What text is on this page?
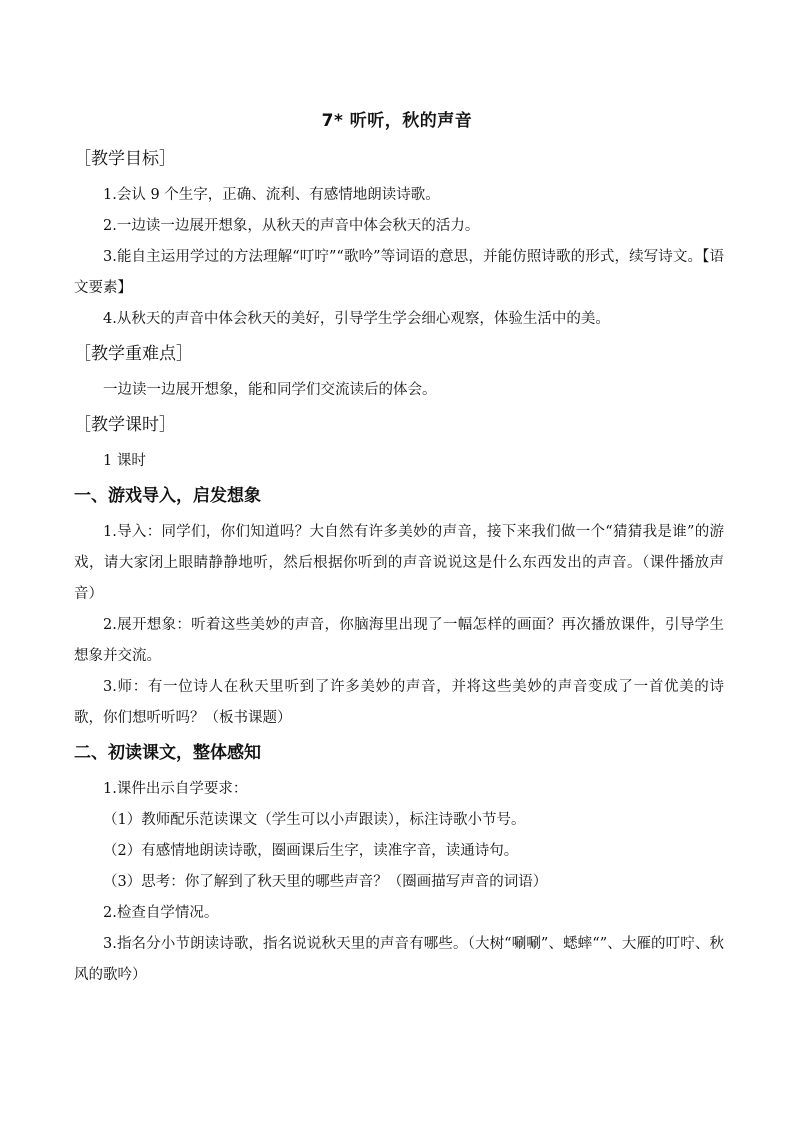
7* 听听，秋的声音
［教学目标］

1.会认 9 个生字，正确、流利、有感情地朗读诗歌。

2.一边读一边展开想象，从秋天的声音中体会秋天的活力。

3.能自主运用学过的方法理解“叮咛”“歌吟”等词语的意思，并能仿照诗歌的形式，续写诗文。【语文要素】

4.从秋天的声音中体会秋天的美好，引导学生学会细心观察，体验生活中的美。

［教学重难点］

一边读一边展开想象，能和同学们交流读后的体会。

［教学课时］

1 课时

一、游戏导入，启发想象

1.导入：同学们，你们知道吗？大自然有许多美妙的声音，接下来我们做一个“猜猜我是谁”的游戏，请大家闭上眼睛静静地听，然后根据你听到的声音说说这是什么东西发出的声音。（课件播放声音）

2.展开想象：听着这些美妙的声音，你脑海里出现了一幅怎样的画面？再次播放课件，引导学生想象并交流。

3.师：有一位诗人在秋天里听到了许多美妙的声音，并将这些美妙的声音变成了一首优美的诗歌，你们想听听吗？（板书课题）

二、初读课文，整体感知

1.课件出示自学要求：

（1）教师配乐范读课文（学生可以小声跟读），标注诗歌小节号。

（2）有感情地朗读诗歌，圈画课后生字，读准字音，读通诗句。

（3）思考：你了解到了秋天里的哪些声音？（圈画描写声音的词语）

2.检查自学情况。

3.指名分小节朗读诗歌，指名说说秋天里的声音有哪些。（大树“唰唰”、蟋蟀“”、大雁的叮咛、秋风的歌吟）
